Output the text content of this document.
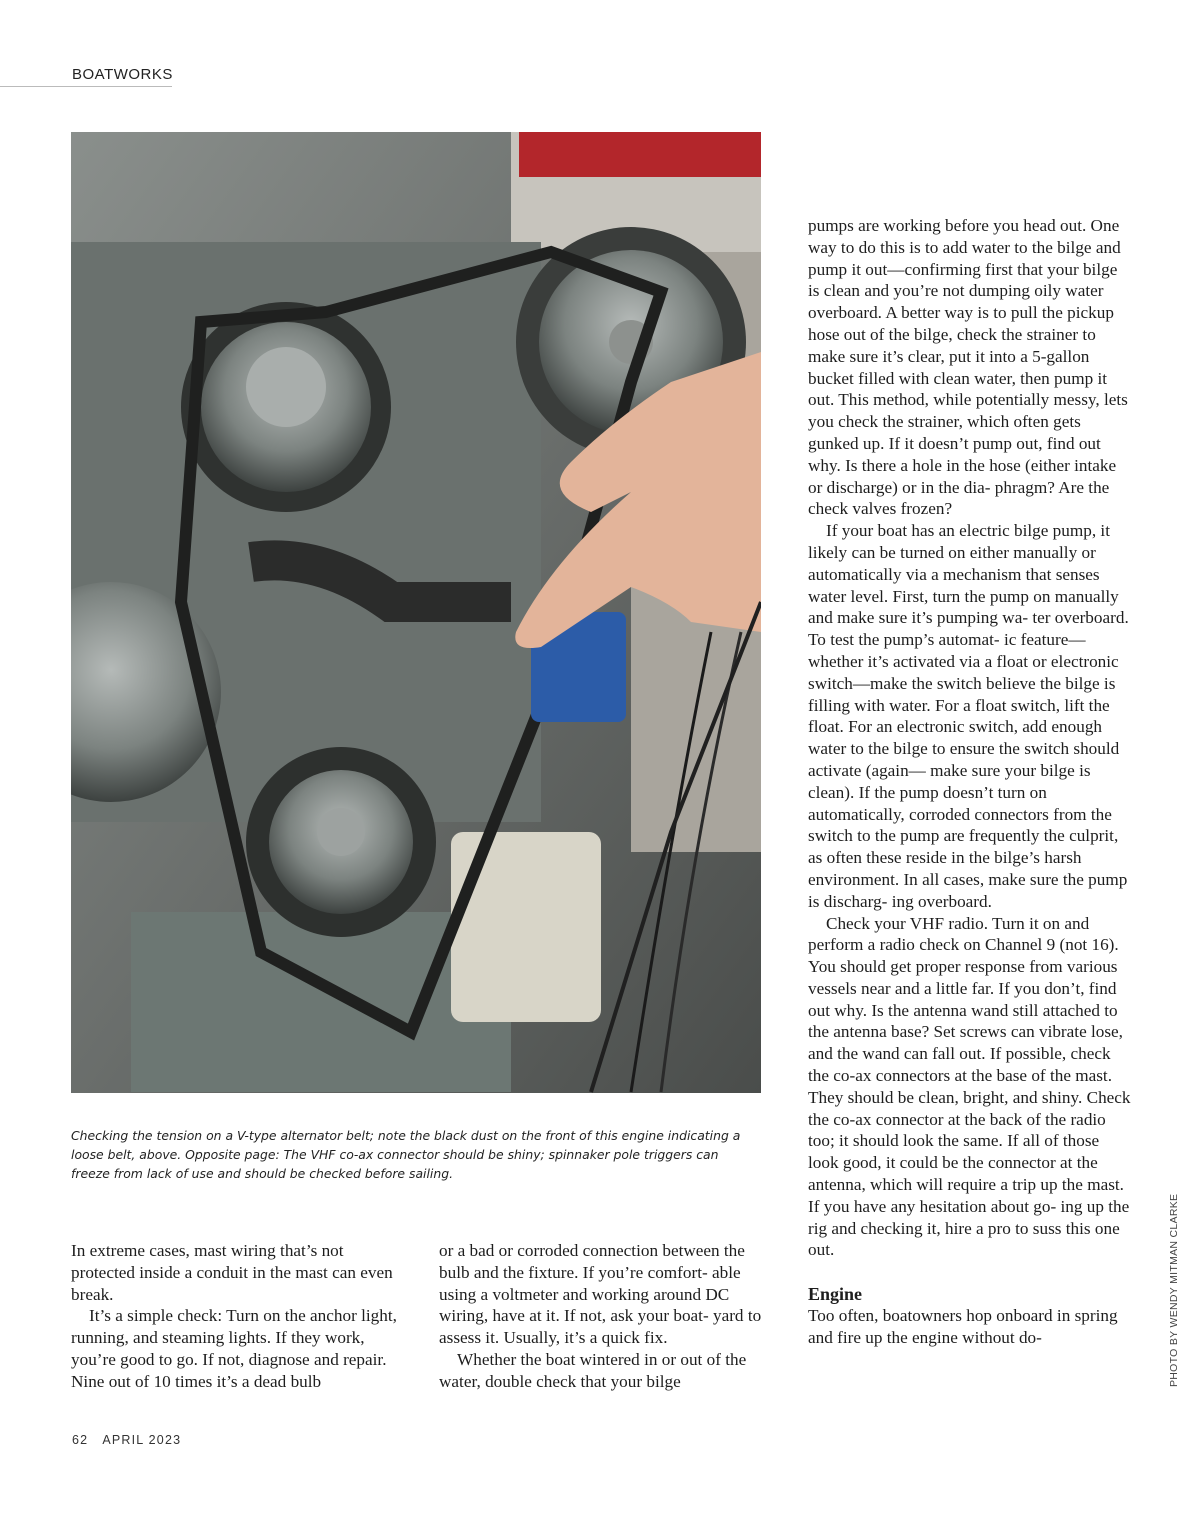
BOATWORKS
Checking the tension on a V-type alternator belt; note the black dust on the front of this engine indicating a loose belt, above. Opposite page: The VHF co-ax connector should be shiny; spinnaker pole triggers can freeze from lack of use and should be checked before sailing.

In extreme cases, mast wiring that’s not protected inside a conduit in the mast can even break.

It’s a simple check: Turn on the anchor light, running, and steaming lights. If they work, you’re good to go. If not, diagnose and repair. Nine out of 10 times it’s a dead bulb

or a bad or corroded connection between the bulb and the fixture. If you’re comfort- able using a voltmeter and working around DC wiring, have at it. If not, ask your boat- yard to assess it. Usually, it’s a quick fix.

Whether the boat wintered in or out of the water, double check that your bilge

pumps are working before you head out. One way to do this is to add water to the bilge and pump it out—confirming first that your bilge is clean and you’re not dumping oily water overboard. A better way is to pull the pickup hose out of the bilge, check the strainer to make sure it’s clear, put it into a 5-gallon bucket filled with clean water, then pump it out. This method, while potentially messy, lets you check the strainer, which often gets gunked up. If it doesn’t pump out, find out why. Is there a hole in the hose (either intake or discharge) or in the dia- phragm? Are the check valves frozen?

If your boat has an electric bilge pump, it likely can be turned on either manually or automatically via a mechanism that senses water level. First, turn the pump on manually and make sure it’s pumping wa- ter overboard. To test the pump’s automat- ic feature—whether it’s activated via a float or electronic switch—make the switch believe the bilge is filling with water. For a float switch, lift the float. For an electronic switch, add enough water to the bilge to ensure the switch should activate (again— make sure your bilge is clean). If the pump doesn’t turn on automatically, corroded connectors from the switch to the pump are frequently the culprit, as often these reside in the bilge’s harsh environment. In all cases, make sure the pump is discharg- ing overboard.

Check your VHF radio. Turn it on and perform a radio check on Channel 9 (not 16). You should get proper response from various vessels near and a little far. If you don’t, find out why. Is the antenna wand still attached to the antenna base? Set screws can vibrate lose, and the wand can fall out. If possible, check the co-ax connectors at the base of the mast. They should be clean, bright, and shiny. Check the co-ax connector at the back of the radio too; it should look the same. If all of those look good, it could be the connector at the antenna, which will require a trip up the mast. If you have any hesitation about go- ing up the rig and checking it, hire a pro to suss this one out.

Engine

Too often, boatowners hop onboard in spring and fire up the engine without do-

62 APRIL 2023
PHOTO BY WENDY MITMAN CLARKE
